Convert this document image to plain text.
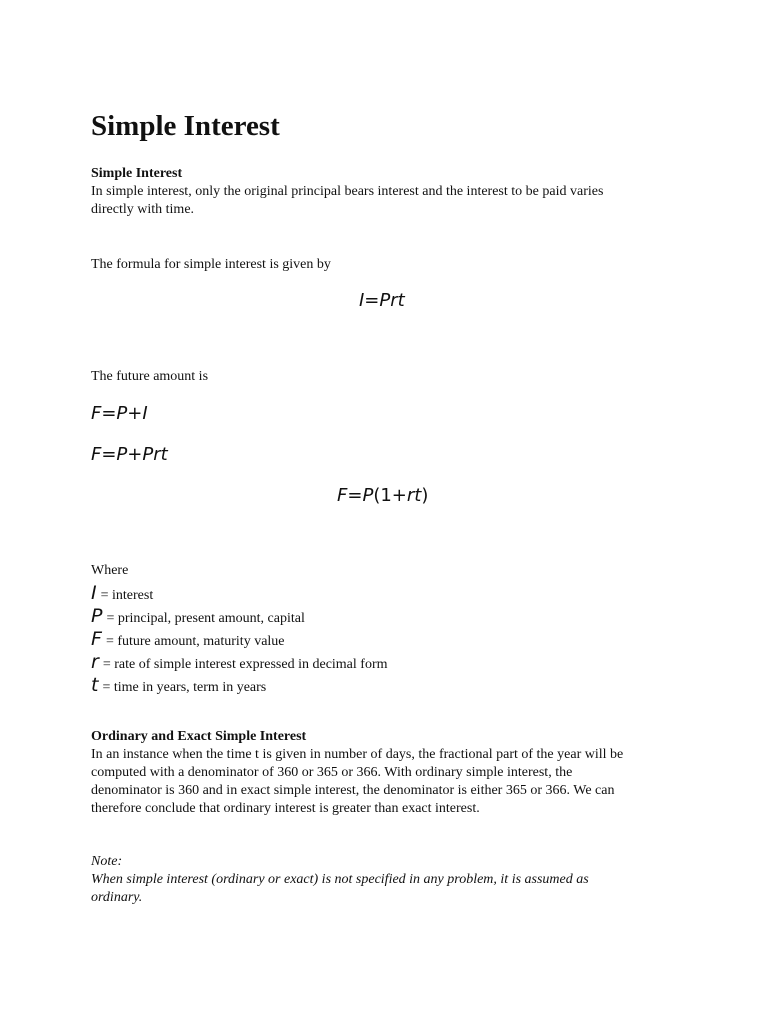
Simple Interest
Simple Interest
In simple interest, only the original principal bears interest and the interest to be paid varies
directly with time.
The formula for simple interest is given by
I=Prt
The future amount is
F=P+I
F=P+Prt
F=P(1+rt)
Where
I = interest
P = principal, present amount, capital
F = future amount, maturity value
r = rate of simple interest expressed in decimal form
t = time in years, term in years
Ordinary and Exact Simple Interest
In an instance when the time t is given in number of days, the fractional part of the year will be
computed with a denominator of 360 or 365 or 366. With ordinary simple interest, the
denominator is 360 and in exact simple interest, the denominator is either 365 or 366. We can
therefore conclude that ordinary interest is greater than exact interest.
Note:
When simple interest (ordinary or exact) is not specified in any problem, it is assumed as
ordinary.
